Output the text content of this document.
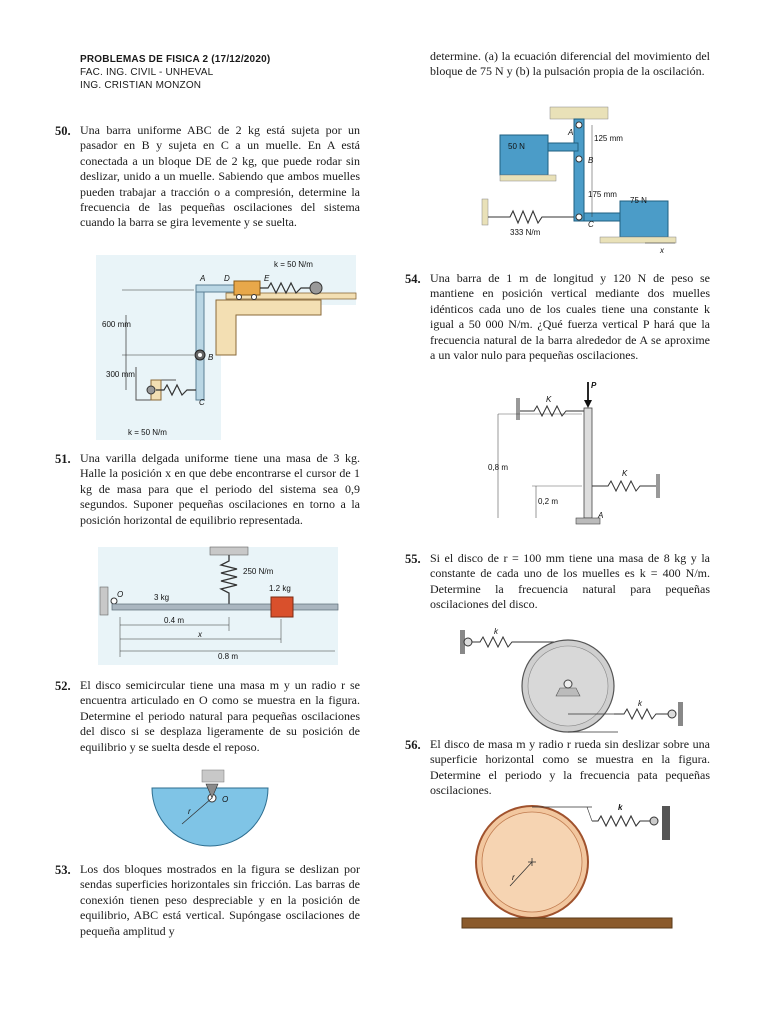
PROBLEMAS DE FISICA 2 (17/12/2020)
FAC. ING. CIVIL - UNHEVAL
ING. CRISTIAN MONZON
50. Una barra uniforme ABC de 2 kg está sujeta por un pasador en B y sujeta en C a un muelle. En A está conectada a un bloque DE de 2 kg, que puede rodar sin deslizar, unido a un muelle. Sabiendo que ambos muelles pueden trabajar a tracción o a compresión, determine la frecuencia de las pequeñas oscilaciones del sistema cuando la barra se gira levemente y se suelta.
600 mm
300 mm
k = 50 N/m
k = 50 N/m
A D	E
B
C
51. Una varilla delgada uniforme tiene una masa de 3 kg. Halle la posición x en que debe encontrarse el cursor de 1 kg de masa para que el periodo del sistema sea 0,9 segundos. Suponer pequeñas oscilaciones en torno a la posición horizontal de equilibrio representada.
250 N/m
3 kg
1.2 kg
O
0.4 m
x
0.8 m
52. El disco semicircular tiene una masa m y un radio r se encuentra articulado en O como se muestra en la figura. Determine el periodo natural para pequeñas oscilaciones del disco si se desplaza ligeramente de su posición de equilibrio y se suelta desde el reposo.
O
r
53. Los dos bloques mostrados en la figura se deslizan por sendas superficies horizontales sin fricción. Las barras de conexión tienen peso despreciable y en la posición de equilibrio, ABC está vertical. Supóngase oscilaciones de pequeña amplitud y
determine. (a) la ecuación diferencial del movimiento del bloque de 75 N y (b) la pulsación propia de la oscilación.
50 N
75 N
125 mm
175 mm
333 N/m
A
B
C
x
54. Una barra de 1 m de longitud y 120 N de peso se mantiene en posición vertical mediante dos muelles idénticos cada uno de los cuales tiene una constante k igual a 50 000 N/m. ¿Qué fuerza vertical P hará que la frecuencia natural de la barra alrededor de A se aproxime a un valor nulo para pequeñas oscilaciones.
P
K
K
0,8 m
0,2 m
A
55. Si el disco de r = 100 mm tiene una masa de 8 kg y la constante de cada uno de los muelles es k = 400 N/m. Determine la frecuencia natural para pequeñas oscilaciones del disco.
k
k
56. El disco de masa m y radio r rueda sin deslizar sobre una superficie horizontal como se muestra en la figura. Determine el periodo y la frecuencia pata pequeñas oscilaciones.
k
r
